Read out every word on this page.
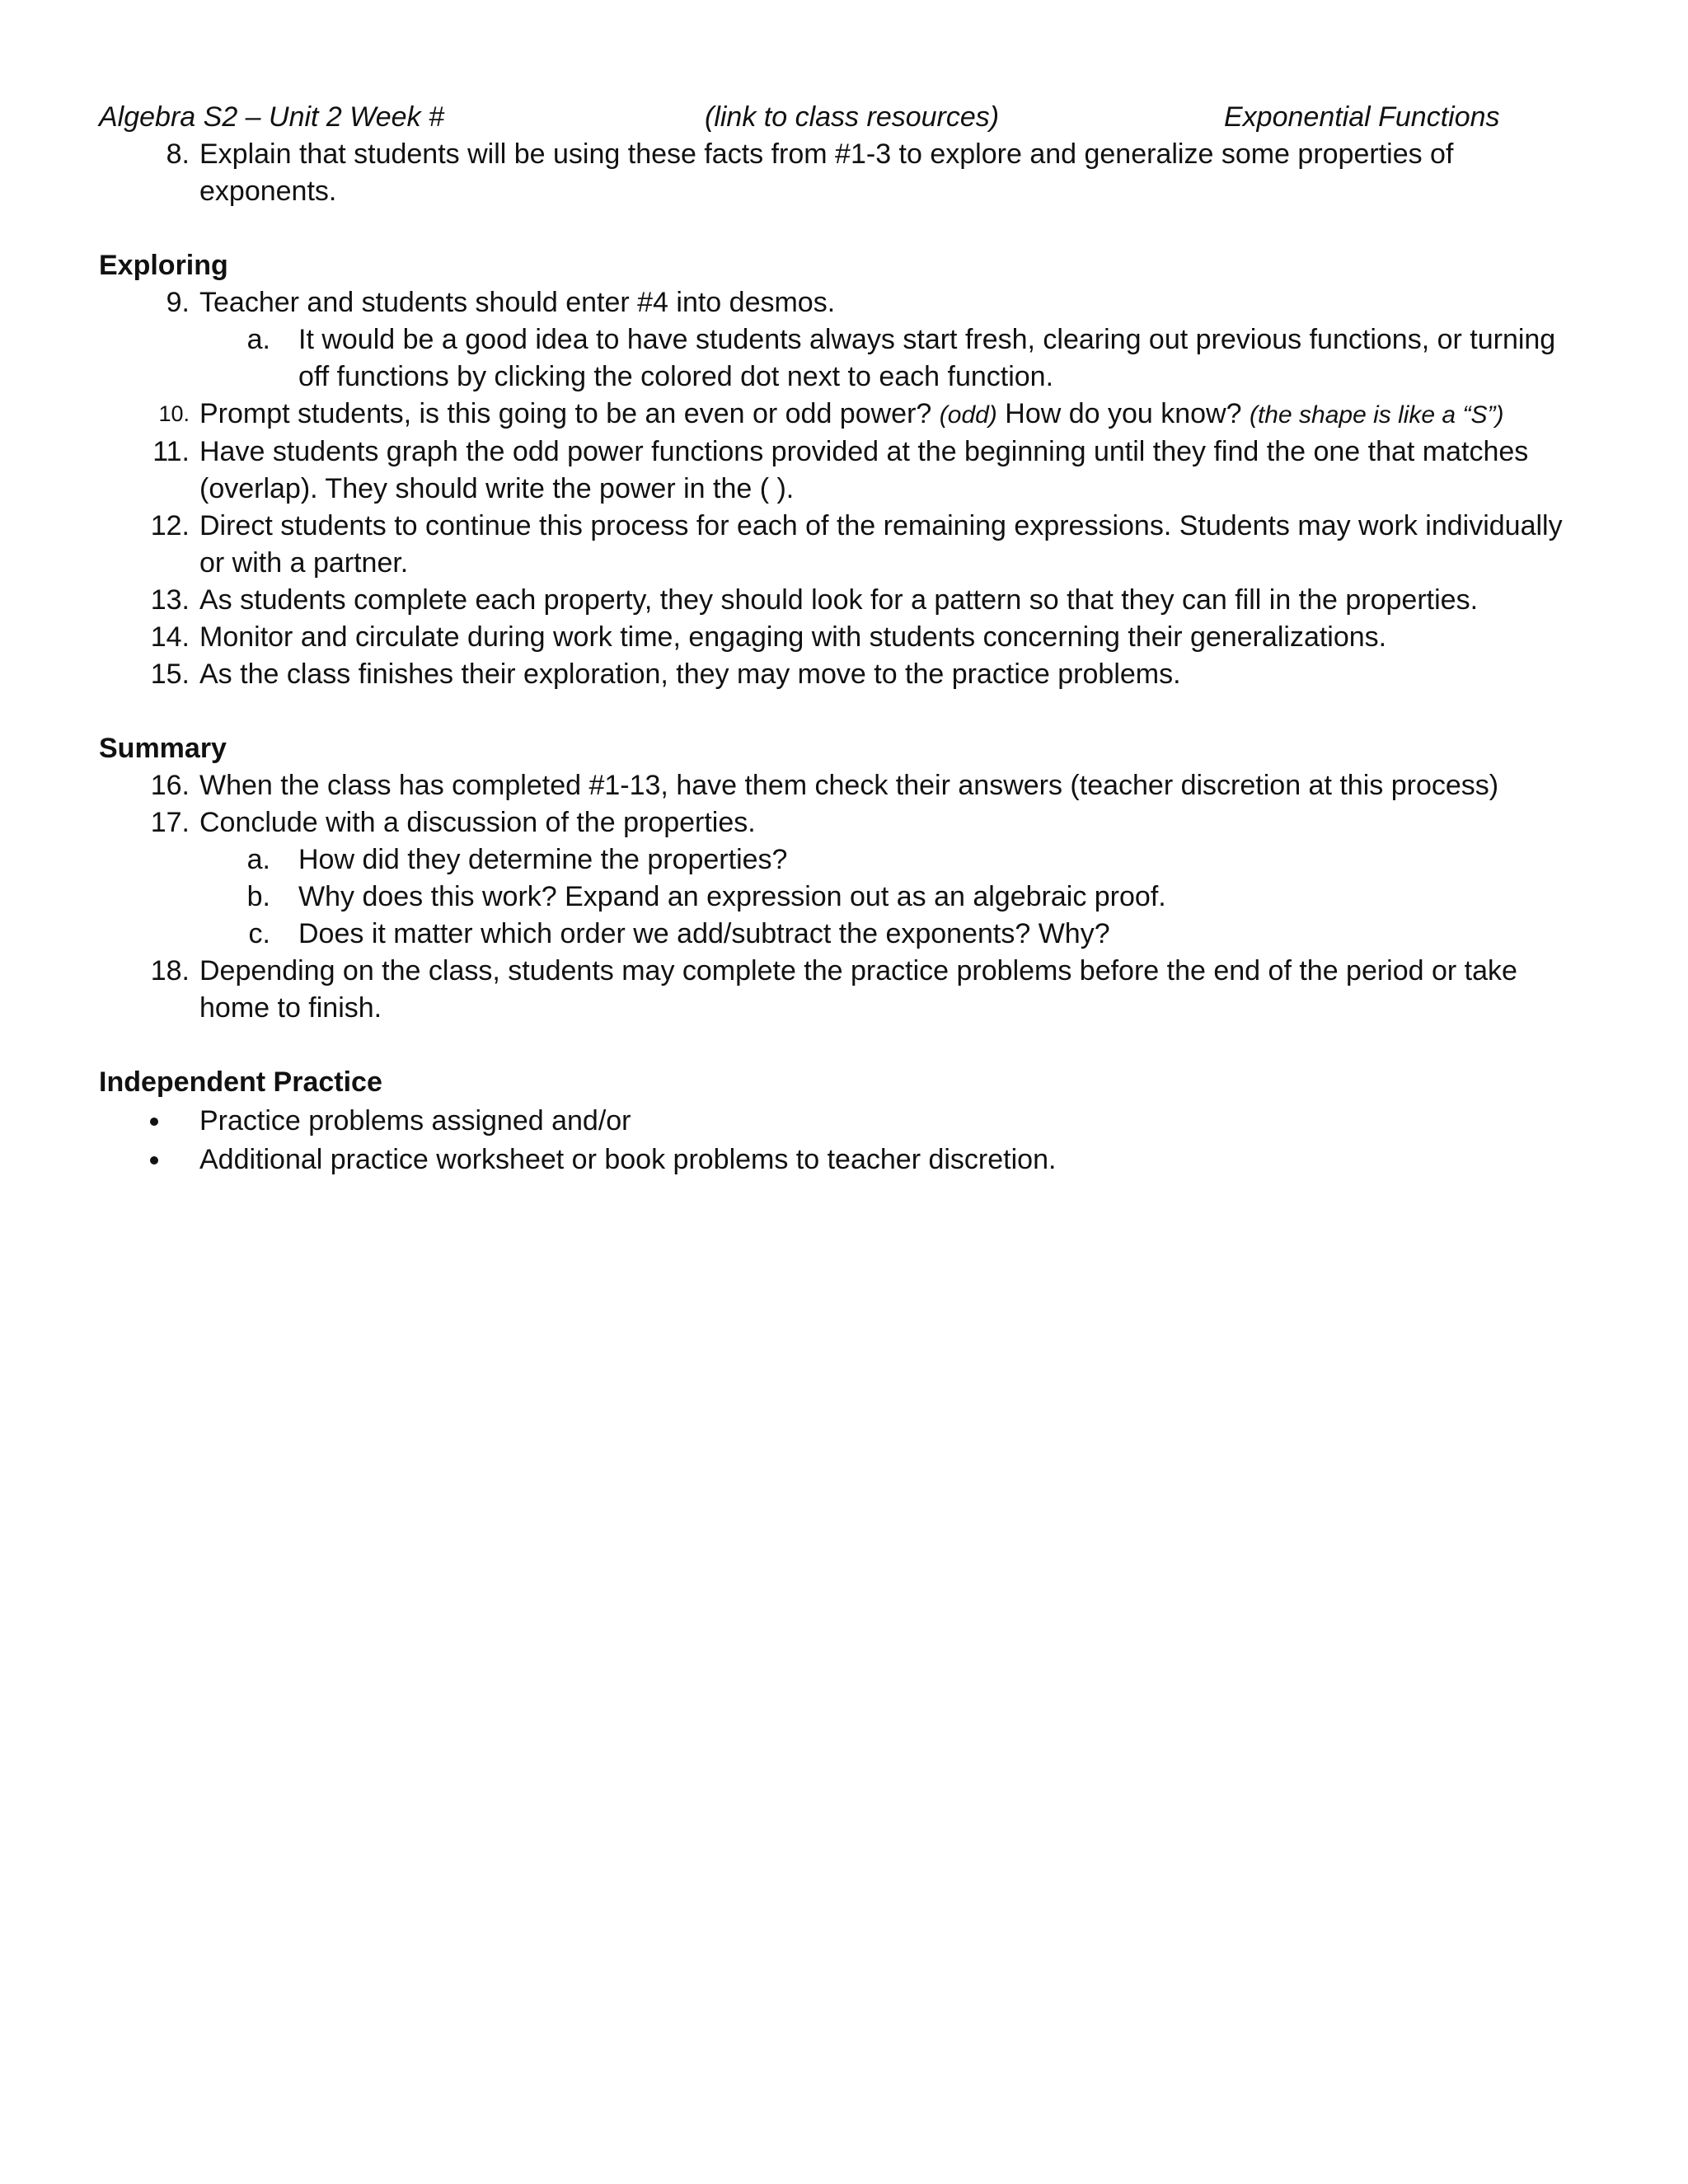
Algebra S2 – Unit 2 Week #	(link to class resources)	Exponential Functions
8. Explain that students will be using these facts from #1-3 to explore and generalize some properties of exponents.
Exploring
9. Teacher and students should enter #4 into desmos.
a. It would be a good idea to have students always start fresh, clearing out previous functions, or turning off functions by clicking the colored dot next to each function.
10. Prompt students, is this going to be an even or odd power? (odd) How do you know? (the shape is like a “S”)
11. Have students graph the odd power functions provided at the beginning until they find the one that matches (overlap). They should write the power in the ( ).
12. Direct students to continue this process for each of the remaining expressions. Students may work individually or with a partner.
13. As students complete each property, they should look for a pattern so that they can fill in the properties.
14. Monitor and circulate during work time, engaging with students concerning their generalizations.
15. As the class finishes their exploration, they may move to the practice problems.
Summary
16. When the class has completed #1-13, have them check their answers (teacher discretion at this process)
17. Conclude with a discussion of the properties.
a. How did they determine the properties?
b. Why does this work? Expand an expression out as an algebraic proof.
c. Does it matter which order we add/subtract the exponents? Why?
18. Depending on the class, students may complete the practice problems before the end of the period or take home to finish.
Independent Practice
Practice problems assigned and/or
Additional practice worksheet or book problems to teacher discretion.
